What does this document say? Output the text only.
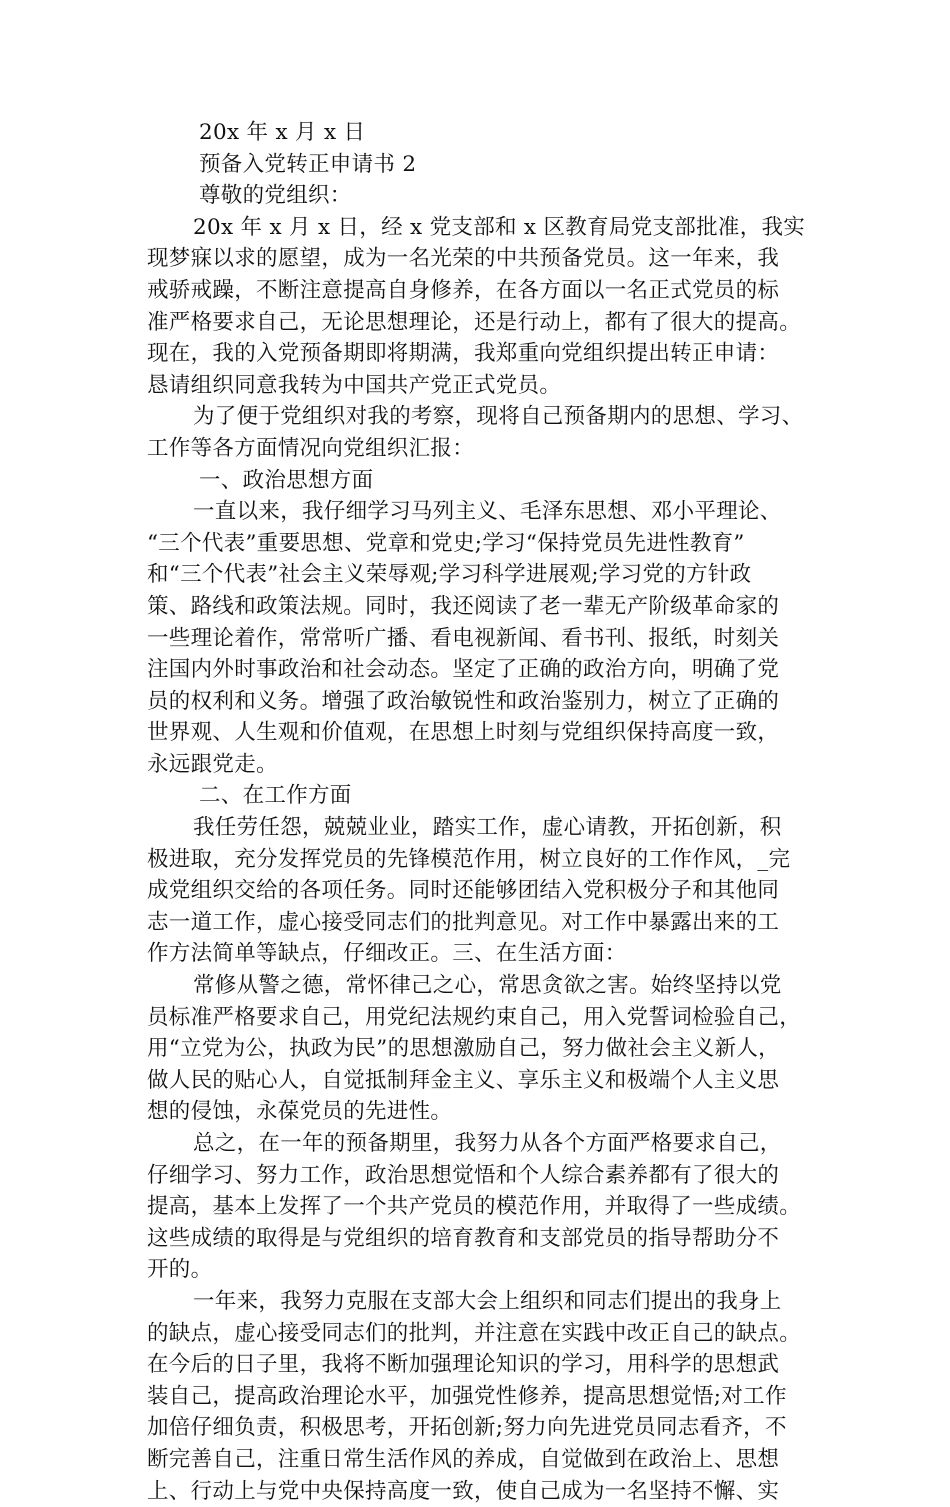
20x 年 x 月 x 日
预备入党转正申请书 2
尊敬的党组织：
20x 年 x 月 x 日，经 x 党支部和 x 区教育局党支部批准，我实
现梦寐以求的愿望，成为一名光荣的中共预备党员。这一年来，我
戒骄戒躁，不断注意提高自身修养，在各方面以一名正式党员的标
准严格要求自己，无论思想理论，还是行动上，都有了很大的提高。
现在，我的入党预备期即将期满，我郑重向党组织提出转正申请：
恳请组织同意我转为中国共产党正式党员。
为了便于党组织对我的考察，现将自己预备期内的思想、学习、
工作等各方面情况向党组织汇报：
一、政治思想方面
一直以来，我仔细学习马列主义、毛泽东思想、邓小平理论、
“三个代表”重要思想、党章和党史;学习“保持党员先进性教育”
和“三个代表”社会主义荣辱观;学习科学进展观;学习党的方针政
策、路线和政策法规。同时，我还阅读了老一辈无产阶级革命家的
一些理论着作，常常听广播、看电视新闻、看书刊、报纸，时刻关
注国内外时事政治和社会动态。坚定了正确的政治方向，明确了党
员的权利和义务。增强了政治敏锐性和政治鉴别力，树立了正确的
世界观、人生观和价值观，在思想上时刻与党组织保持高度一致，
永远跟党走。
二、在工作方面
我任劳任怨，兢兢业业，踏实工作，虚心请教，开拓创新，积
极进取，充分发挥党员的先锋模范作用，树立良好的工作作风，_完
成党组织交给的各项任务。同时还能够团结入党积极分子和其他同
志一道工作，虚心接受同志们的批判意见。对工作中暴露出来的工
作方法简单等缺点，仔细改正。三、在生活方面：
常修从警之德，常怀律己之心，常思贪欲之害。始终坚持以党
员标准严格要求自己，用党纪法规约束自己，用入党誓词检验自己，
用“立党为公，执政为民”的思想激励自己，努力做社会主义新人，
做人民的贴心人，自觉抵制拜金主义、享乐主义和极端个人主义思
想的侵蚀，永葆党员的先进性。
总之，在一年的预备期里，我努力从各个方面严格要求自己，
仔细学习、努力工作，政治思想觉悟和个人综合素养都有了很大的
提高，基本上发挥了一个共产党员的模范作用，并取得了一些成绩。
这些成绩的取得是与党组织的培育教育和支部党员的指导帮助分不
开的。
一年来，我努力克服在支部大会上组织和同志们提出的我身上
的缺点，虚心接受同志们的批判，并注意在实践中改正自己的缺点。
在今后的日子里，我将不断加强理论知识的学习，用科学的思想武
装自己，提高政治理论水平，加强党性修养，提高思想觉悟;对工作
加倍仔细负责，积极思考，开拓创新;努力向先进党员同志看齐，不
断完善自己，注重日常生活作风的养成，自觉做到在政治上、思想
上、行动上与党中央保持高度一致，使自己成为一名坚持不懈、实
